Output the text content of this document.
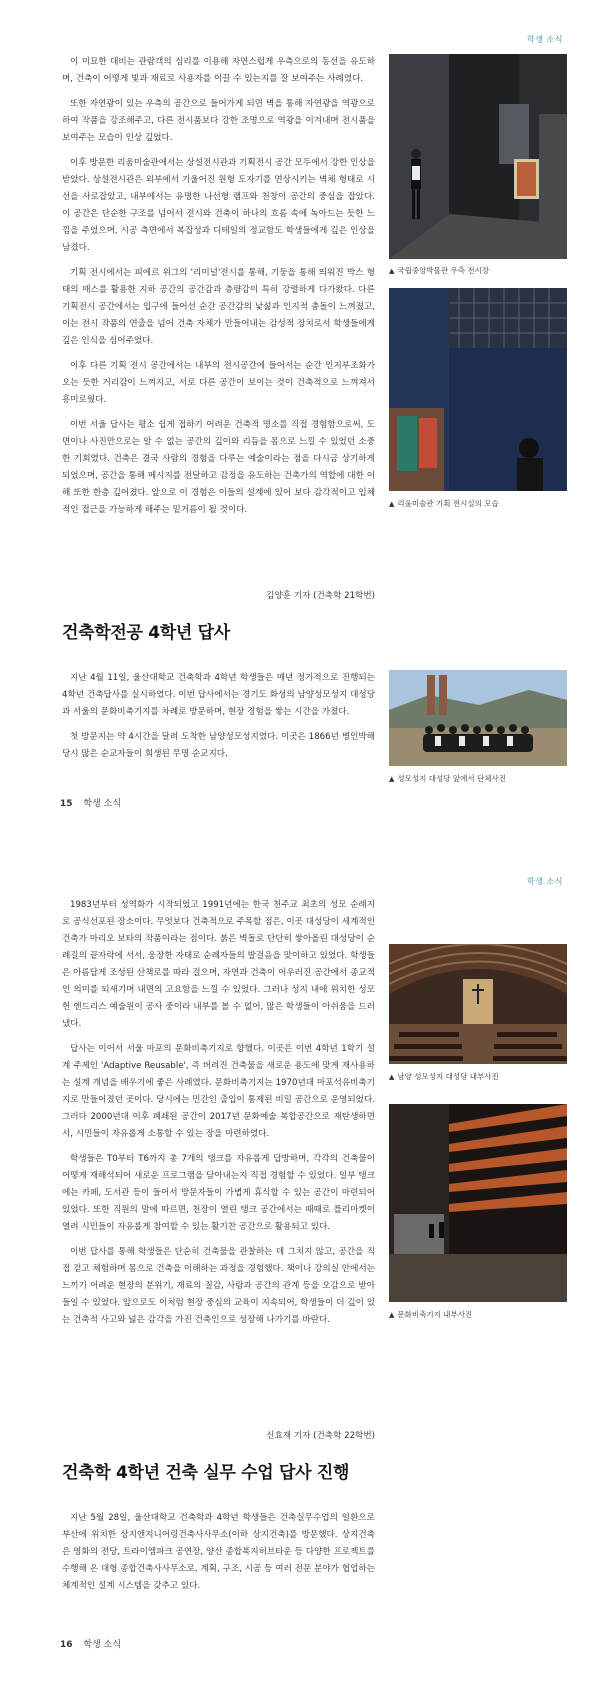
학생 소식

이 미묘한 대비는 관람객의 심리를 이용해 자연스럽게 우측으로의 동선을 유도하며, 건축이 어떻게 빛과 재료로 사용자를 이끌 수 있는지를 잘 보여주는 사례였다.

또한 자연광이 있는 우측의 공간으로 들어가게 되면 벽을 통해 자연광을 역광으로 하여 작품을 강조해주고, 다른 전시품보다 강한 조명으로 역광을 이겨내며 전시품을 보여주는 모습이 인상 깊었다.

이후 방문한 리움미술관에서는 상설전시관과 기획전시 공간 모두에서 강한 인상을 받았다. 상설전시관은 외부에서 기울어진 원형 도자기를 연상시키는 벽체 형태로 시선을 사로잡았고, 내부에서는 유명한 나선형 램프와 천창이 공간의 중심을 잡았다. 이 공간은 단순한 구조를 넘어서 전시와 건축이 하나의 흐름 속에 녹아드는 듯한 느낌을 주었으며, 시공 측면에서 복잡성과 디테일의 정교함도 학생들에게 깊은 인상을 남겼다.

기획 전시에서는 피에르 위그의 '리미널'전시를 통해, 기둥을 통해 띄워진 박스 형태의 매스를 활용한 지하 공간의 공간감과 층량감이 특히 강렬하게 다가왔다. 다른 기획전시 공간에서는 입구에 들어선 순간 공간감의 낯섦과 인지적 충돌이 느껴졌고, 이는 전시 작품의 연출을 넘어 건축 자체가 만들어내는 감성적 장치로서 학생들에게 깊은 인식을 심어주었다.

이후 다른 기획 전시 공간에서는 내부의 전시공간에 들어서는 순간 인지부조화가 오는 듯한 거리감이 느껴지고, 서로 다른 공간이 보이는 것이 건축적으로 느껴져서 흥미로웠다.

이번 서울 답사는 평소 쉽게 접하기 어려운 건축적 명소를 직접 경험함으로써, 도면이나 사진만으로는 알 수 없는 공간의 깊이와 리듬을 몸으로 느낄 수 있었던 소중한 기회였다. 건축은 결국 사람의 경험을 다루는 예술이라는 점을 다시금 상기하게 되었으며, 공간을 통해 메시지를 전달하고 감정을 유도하는 건축가의 역할에 대한 이해 또한 한층 깊어졌다. 앞으로 이 경험은 이들의 설계에 있어 보다 감각적이고 입체적인 접근을 가능하게 해주는 밑거름이 될 것이다.

김양훈 기자 (건축학 21학번)

건축학전공 4학년 답사

지난 4월 11일, 울산대학교 건축학과 4학년 학생들은 매년 정기적으로 진행되는 4학년 건축답사를 실시하였다. 이번 답사에서는 경기도 화성의 남양성모성지 대성당과 서울의 문화비축기지를 차례로 방문하며, 현장 경험을 쌓는 시간을 가졌다.

첫 방문지는 약 4시간을 달려 도착한 남양성모성지였다. 이곳은 1866년 병인박해 당시 많은 순교자들이 희생된 무명 순교지다.

15 학생 소식
▲ 국립중앙박물관 우측 전시장
▲ 리움미술관 기획 전시실의 모습
▲ 성모성지 대성당 앞에서 단체사진
학생 소식

1983년부터 성역화가 시작되었고 1991년에는 한국 천주교 최초의 성모 순례지로 공식선포된 장소이다. 무엇보다 건축적으로 주목할 점은, 이곳 대성당이 세계적인 건축가 마리오 보타의 작품이라는 점이다. 붉은 벽돌로 단단히 쌓아올린 대성당이 순례길의 끝자락에 서서, 웅장한 자태로 순례자들의 발걸음을 맞이하고 있었다. 학생들은 아름답게 조성된 산책로를 따라 걸으며, 자연과 건축이 어우러진 공간에서 종교적인 의미를 되새기며 내면의 고요함을 느낄 수 있었다. 그러나 성지 내에 위치한 성모헌 엔드리스 예술원이 공사 중이라 내부를 볼 수 없어, 많은 학생들이 아쉬움을 드러냈다.

답사는 이어서 서울 마포의 문화비축기지로 향했다. 이곳은 이번 4학년 1학기 설계 주제인 'Adaptive Reusable', 즉 버려진 건축물을 새로운 용도에 맞게 재사용하는 설계 개념을 배우기에 좋은 사례였다. 문화비축기지는 1970년대 마포석유비축기지로 만들어졌던 곳이다. 당시에는 민간인 출입이 통제된 비밀 공간으로 운영되었다. 그러다 2000년대 이후 폐쇄된 공간이 2017년 문화예술 복합공간으로 재탄생하면서, 시민들이 자유롭게 소통할 수 있는 장을 마련하였다.

학생들은 T0부터 T6까지 총 7개의 탱크를 자유롭게 답방하며, 각각의 건축물이 어떻게 재해석되어 새로운 프로그램을 담아내는지 직접 경험할 수 있었다. 일부 탱크에는 카페, 도서관 등이 들어서 방문자들이 가볍게 휴식할 수 있는 공간이 마련되어 있었다. 또한 직원의 말에 따르면, 천장이 열린 탱크 공간에서는 때때로 플리마켓이 열려 시민들이 자유롭게 참여할 수 있는 활기찬 공간으로 활용되고 있다.

이번 답사를 통해 학생들은 단순히 건축물을 관찰하는 데 그치지 않고, 공간을 직접 걷고 체험하며 몸으로 건축을 이해하는 과정을 경험했다. 책이나 강의실 안에서는 느끼기 어려운 현장의 분위기, 재료의 질감, 사람과 공간의 관계 등을 오감으로 받아들일 수 있었다. 앞으로도 이처럼 현장 중심의 교육이 지속되어, 학생들이 더 깊이 있는 건축적 사고와 넓은 감각을 가진 건축인으로 성장해 나가기를 바란다.

신효재 기자 (건축학 22학번)

건축학 4학년 건축 실무 수업 답사 진행

지난 5월 28일, 울산대학교 건축학과 4학년 학생들은 건축실무수업의 일환으로 부산에 위치한 상지엔지니어링건축사사무소(이하 상지건축)를 방문했다. 상지건축은 영화의 전당, 트라이엠파크 공연장, 양산 종합복지허브타운 등 다양한 프로젝트를 수행해 온 대형 종합건축사사무소로, 계획, 구조, 시공 등 여러 전문 분야가 협업하는 체계적인 설계 시스템을 갖추고 있다.

16 학생 소식
▲ 남양 성모성지 대성당 내부사진
▲ 문화비축기지 내부사진
